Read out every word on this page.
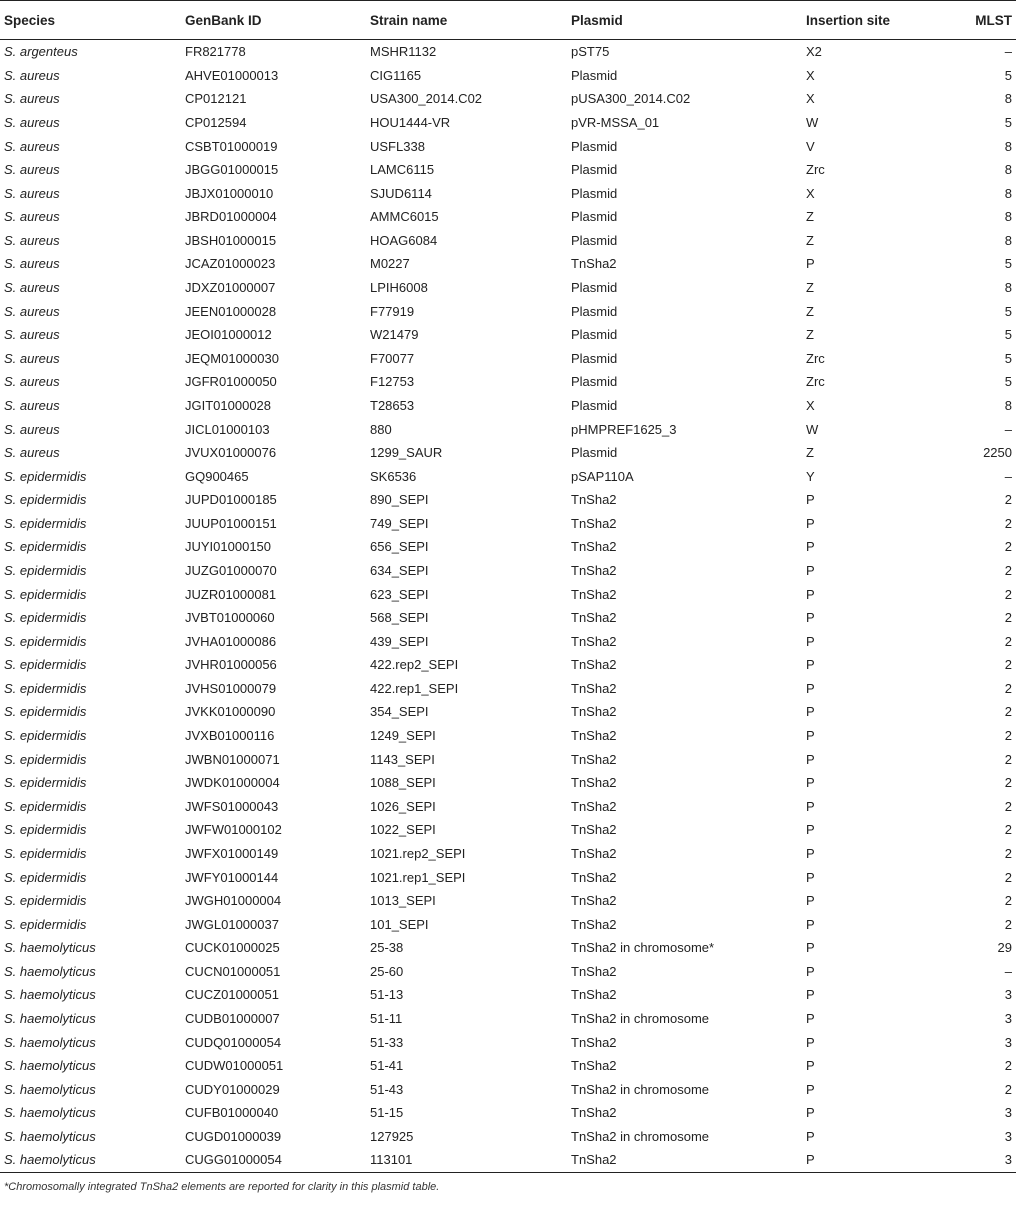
Species	GenBank ID	Strain name	Plasmid	Insertion site	MLST
S. argenteus	FR821778	MSHR1132	pST75	X2	–
S. aureus	AHVE01000013	CIG1165	Plasmid	X	5
S. aureus	CP012121	USA300_2014.C02	pUSA300_2014.C02	X	8
S. aureus	CP012594	HOU1444-VR	pVR-MSSA_01	W	5
S. aureus	CSBT01000019	USFL338	Plasmid	V	8
S. aureus	JBGG01000015	LAMC6115	Plasmid	Zrc	8
S. aureus	JBJX01000010	SJUD6114	Plasmid	X	8
S. aureus	JBRD01000004	AMMC6015	Plasmid	Z	8
S. aureus	JBSH01000015	HOAG6084	Plasmid	Z	8
S. aureus	JCAZ01000023	M0227	TnSha2	P	5
S. aureus	JDXZ01000007	LPIH6008	Plasmid	Z	8
S. aureus	JEEN01000028	F77919	Plasmid	Z	5
S. aureus	JEOI01000012	W21479	Plasmid	Z	5
S. aureus	JEQM01000030	F70077	Plasmid	Zrc	5
S. aureus	JGFR01000050	F12753	Plasmid	Zrc	5
S. aureus	JGIT01000028	T28653	Plasmid	X	8
S. aureus	JICL01000103	880	pHMPREF1625_3	W	–
S. aureus	JVUX01000076	1299_SAUR	Plasmid	Z	2250
S. epidermidis	GQ900465	SK6536	pSAP110A	Y	–
S. epidermidis	JUPD01000185	890_SEPI	TnSha2	P	2
S. epidermidis	JUUP01000151	749_SEPI	TnSha2	P	2
S. epidermidis	JUYI01000150	656_SEPI	TnSha2	P	2
S. epidermidis	JUZG01000070	634_SEPI	TnSha2	P	2
S. epidermidis	JUZR01000081	623_SEPI	TnSha2	P	2
S. epidermidis	JVBT01000060	568_SEPI	TnSha2	P	2
S. epidermidis	JVHA01000086	439_SEPI	TnSha2	P	2
S. epidermidis	JVHR01000056	422.rep2_SEPI	TnSha2	P	2
S. epidermidis	JVHS01000079	422.rep1_SEPI	TnSha2	P	2
S. epidermidis	JVKK01000090	354_SEPI	TnSha2	P	2
S. epidermidis	JVXB01000116	1249_SEPI	TnSha2	P	2
S. epidermidis	JWBN01000071	1143_SEPI	TnSha2	P	2
S. epidermidis	JWDK01000004	1088_SEPI	TnSha2	P	2
S. epidermidis	JWFS01000043	1026_SEPI	TnSha2	P	2
S. epidermidis	JWFW01000102	1022_SEPI	TnSha2	P	2
S. epidermidis	JWFX01000149	1021.rep2_SEPI	TnSha2	P	2
S. epidermidis	JWFY01000144	1021.rep1_SEPI	TnSha2	P	2
S. epidermidis	JWGH01000004	1013_SEPI	TnSha2	P	2
S. epidermidis	JWGL01000037	101_SEPI	TnSha2	P	2
S. haemolyticus	CUCK01000025	25-38	TnSha2 in chromosome*	P	29
S. haemolyticus	CUCN01000051	25-60	TnSha2	P	–
S. haemolyticus	CUCZ01000051	51-13	TnSha2	P	3
S. haemolyticus	CUDB01000007	51-11	TnSha2 in chromosome	P	3
S. haemolyticus	CUDQ01000054	51-33	TnSha2	P	3
S. haemolyticus	CUDW01000051	51-41	TnSha2	P	2
S. haemolyticus	CUDY01000029	51-43	TnSha2 in chromosome	P	2
S. haemolyticus	CUFB01000040	51-15	TnSha2	P	3
S. haemolyticus	CUGD01000039	127925	TnSha2 in chromosome	P	3
S. haemolyticus	CUGG01000054	113101	TnSha2	P	3
*Chromosomally integrated TnSha2 elements are reported for clarity in this plasmid table.
